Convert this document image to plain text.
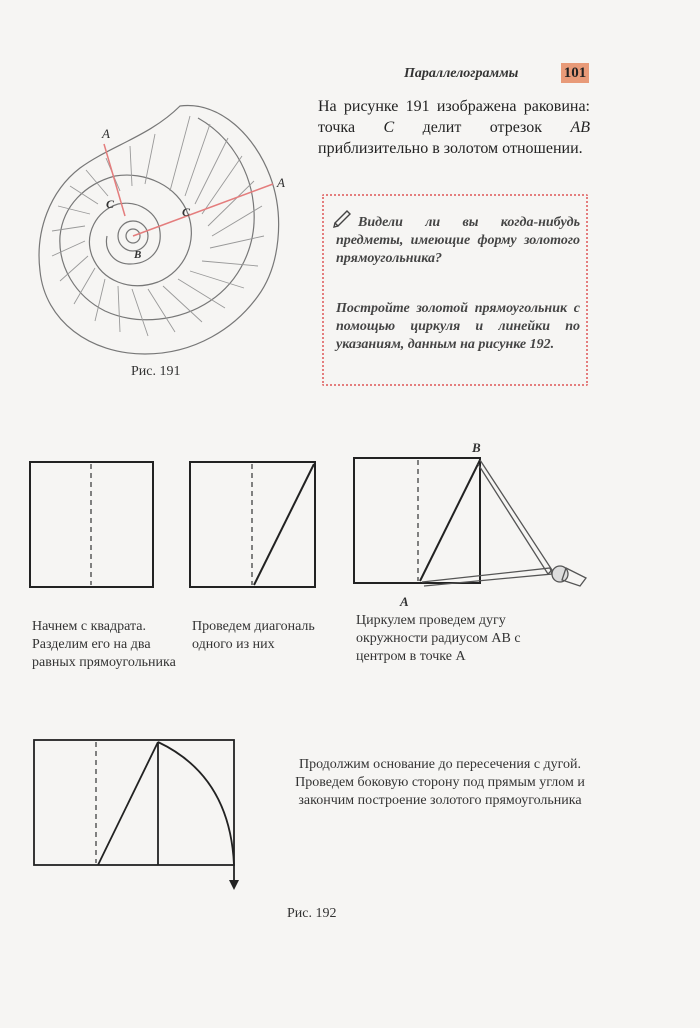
Параллелограммы	101
A
A
C
C
B
Рис. 191
На рисунке 191 изображена раковина: точка C делит отрезок AB приблизительно в золотом отношении.
Видели ли вы когда-нибудь предметы, имеющие форму золотого прямоугольника?
Постройте золотой прямоугольник с помощью циркуля и линейки по указаниям, данным на рисунке 192.
Начнем с квадрата. Разделим его на два равных прямоугольника
Проведем диагональ одного из них
B
A
Циркулем проведем дугу окружности радиусом AB с центром в точке A
Продолжим основание до пересечения с дугой. Проведем боковую сторону под прямым углом и закончим построение золотого прямоугольника
Рис. 192
